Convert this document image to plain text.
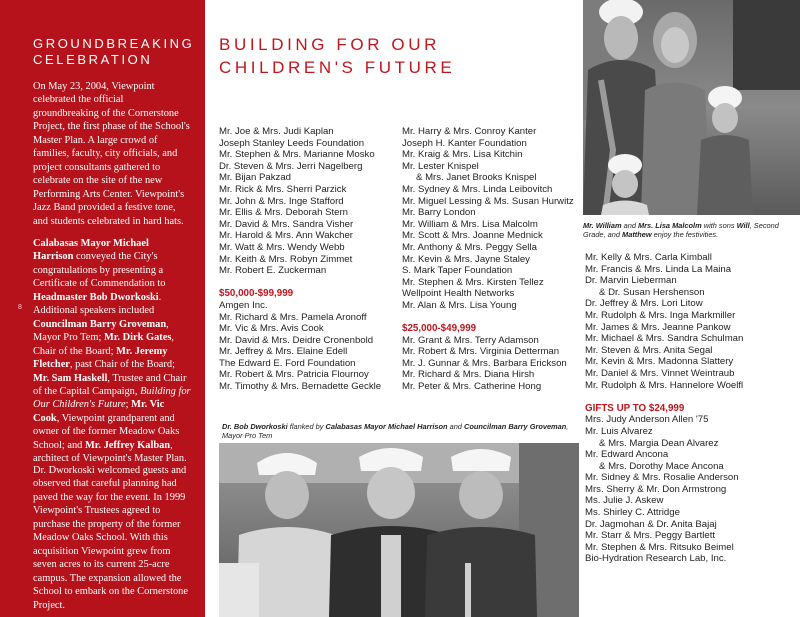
GROUNDBREAKING
CELEBRATION

On May 23, 2004, Viewpoint celebrated the official groundbreaking of the Cornerstone Project, the first phase of the School's Master Plan. A large crowd of families, faculty, city officials, and project consultants gathered to celebrate on the site of the new Performing Arts Center. Viewpoint's Jazz Band provided a festive tone, and students celebrated in hard hats.

Calabasas Mayor Michael Harrison conveyed the City's congratulations by presenting a Certificate of Commendation to Headmaster Bob Dworkoski. Additional speakers included Councilman Barry Groveman, Mayor Pro Tem; Mr. Dirk Gates, Chair of the Board; Mr. Jeremy Fletcher, past Chair of the Board; Mr. Sam Haskell, Trustee and Chair of the Capital Campaign, Building for Our Children's Future; Mr. Vic Cook, Viewpoint grandparent and owner of the former Meadow Oaks School; and Mr. Jeffrey Kalban, architect of Viewpoint's Master Plan.

Dr. Dworkoski welcomed guests and observed that careful planning had paved the way for the event. In 1999 Viewpoint's Trustees agreed to purchase the property of the former Meadow Oaks School. With this acquisition Viewpoint grew from seven acres to its current 25-acre campus. The expansion allowed the School to embark on the Cornerstone Project.

8
BUILDING FOR OUR
CHILDREN'S FUTURE
Mr. Joe & Mrs. Judi Kaplan
Joseph Stanley Leeds Foundation
Mr. Stephen & Mrs. Marianne Mosko
Dr. Steven & Mrs. Jerri Nagelberg
Mr. Bijan Pakzad
Mr. Rick & Mrs. Sherri Parzick
Mr. John & Mrs. Inge Stafford
Mr. Ellis & Mrs. Deborah Stern
Mr. David & Mrs. Sandra Visher
Mr. Harold & Mrs. Ann Wakcher
Mr. Watt & Mrs. Wendy Webb
Mr. Keith & Mrs. Robyn Zimmet
Mr. Robert E. Zuckerman
$50,000-$99,999
Amgen Inc.
Mr. Richard & Mrs. Pamela Aronoff
Mr. Vic & Mrs. Avis Cook
Mr. David & Mrs. Deidre Cronenbold
Mr. Jeffrey & Mrs. Elaine Edell
The Edward E. Ford Foundation
Mr. Robert & Mrs. Patricia Flournoy
Mr. Timothy & Mrs. Bernadette Geckle
Mr. Harry & Mrs. Conroy Kanter
Joseph H. Kanter Foundation
Mr. Kraig & Mrs. Lisa Kitchin
Mr. Lester Knispel
& Mrs. Janet Brooks Knispel
Mr. Sydney & Mrs. Linda Leibovitch
Mr. Miguel Lessing & Ms. Susan Hurwitz
Mr. Barry London
Mr. William & Mrs. Lisa Malcolm
Mr. Scott & Mrs. Joanne Mednick
Mr. Anthony & Mrs. Peggy Sella
Mr. Kevin & Mrs. Jayne Staley
S. Mark Taper Foundation
Mr. Stephen & Mrs. Kirsten Tellez
Wellpoint Health Networks
Mr. Alan & Mrs. Lisa Young
$25,000-$49,999
Mr. Grant & Mrs. Terry Adamson
Mr. Robert & Mrs. Virginia Detterman
Mr. J. Gunnar & Mrs. Barbara Erickson
Mr. Richard & Mrs. Diana Hirsh
Mr. Peter & Mrs. Catherine Hong
Mr. Kelly & Mrs. Carla Kimball
Mr. Francis & Mrs. Linda La Maina
Dr. Marvin Lieberman
& Dr. Susan Hershenson
Dr. Jeffrey & Mrs. Lori Litow
Mr. Rudolph & Mrs. Inga Markmiller
Mr. James & Mrs. Jeanne Pankow
Mr. Michael & Mrs. Sandra Schulman
Mr. Steven & Mrs. Anita Segal
Mr. Kevin & Mrs. Madonna Slattery
Mr. Daniel & Mrs. Vinnet Weintraub
Mr. Rudolph & Mrs. Hannelore Woelfl
GIFTS UP TO $24,999
Mrs. Judy Anderson Allen '75
Mr. Luis Alvarez
& Mrs. Margia Dean Alvarez
Mr. Edward Ancona
& Mrs. Dorothy Mace Ancona
Mr. Sidney & Mrs. Rosalie Anderson
Mrs. Sherry & Mr. Don Armstrong
Ms. Julie J. Askew
Ms. Shirley C. Attridge
Dr. Jagmohan & Dr. Anita Bajaj
Mr. Starr & Mrs. Peggy Bartlett
Mr. Stephen & Mrs. Ritsuko Beimel
Bio-Hydration Research Lab, Inc.
Mr. William and Mrs. Lisa Malcolm with sons Will, Second Grade, and Matthew enjoy the festivities.
Dr. Bob Dworkoski flanked by Calabasas Mayor Michael Harrison and Councilman Barry Groveman, Mayor Pro Tem
